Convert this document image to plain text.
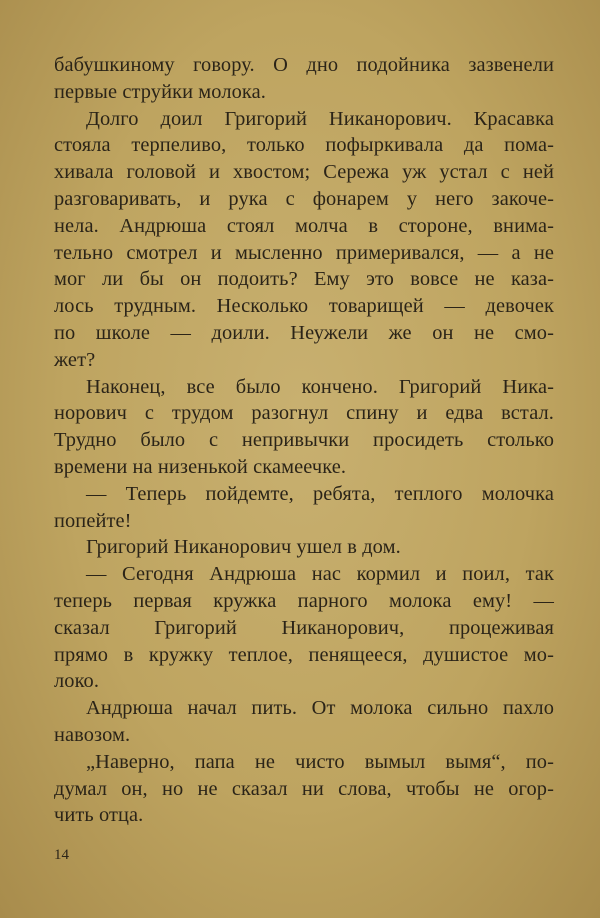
бабушкиному говору. О дно подойника зазвенели
первые струйки молока.
Долго доил Григорий Никанорович. Красавка
стояла терпеливо, только пофыркивала да пома-
хивала головой и хвостом; Сережа уж устал с ней
разговаривать, и рука с фонарем у него закоче-
нела. Андрюша стоял молча в стороне, внима-
тельно смотрел и мысленно примеривался, — а не
мог ли бы он подоить? Ему это вовсе не каза-
лось трудным. Несколько товарищей — девочек
по школе — доили. Неужели же он не смо-
жет?
Наконец, все было кончено. Григорий Ника-
норович с трудом разогнул спину и едва встал.
Трудно было с непривычки просидеть столько
времени на низенькой скамеечке.
— Теперь пойдемте, ребята, теплого молочка
попейте!
Григорий Никанорович ушел в дом.
— Сегодня Андрюша нас кормил и поил, так
теперь первая кружка парного молока ему! —
сказал Григорий Никанорович, процеживая
прямо в кружку теплое, пенящееся, душистое мо-
локо.
Андрюша начал пить. От молока сильно пахло
навозом.
„Наверно, папа не чисто вымыл вымя“, по-
думал он, но не сказал ни слова, чтобы не огор-
чить отца.
14
